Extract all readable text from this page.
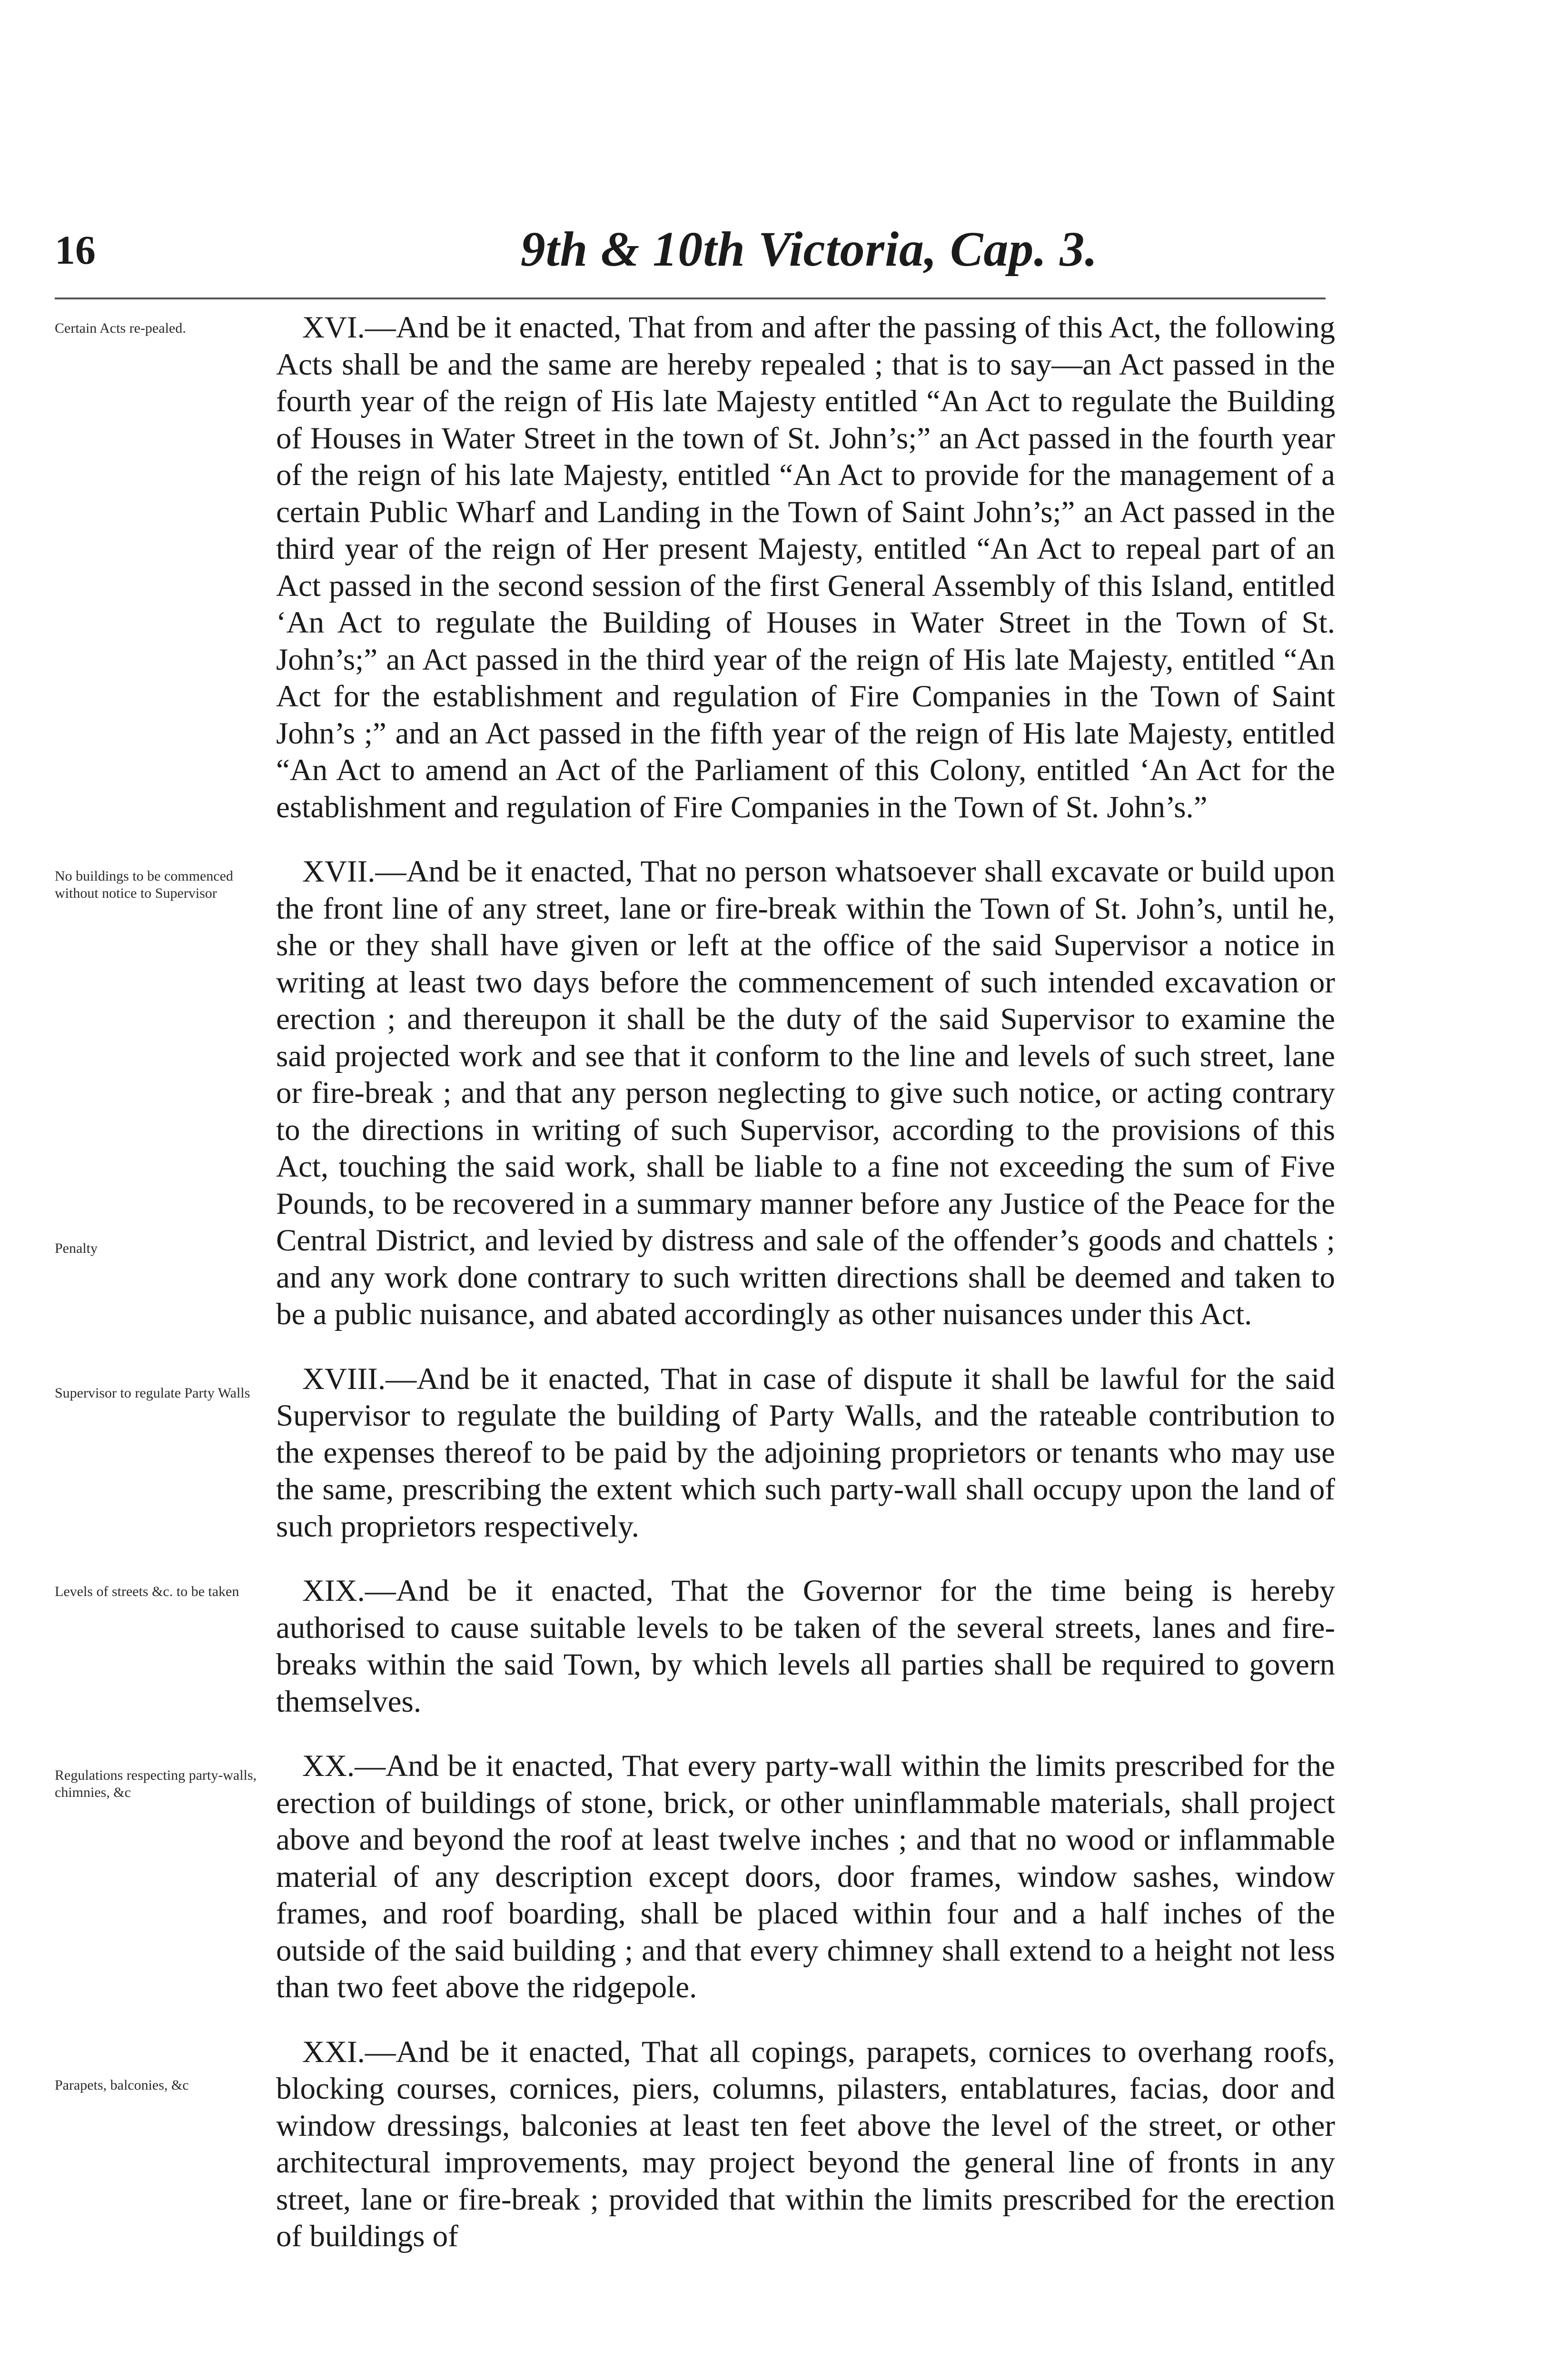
16	9th & 10th Victoria, Cap. 3.
Certain Acts re-pealed.	XVI.—And be it enacted, That from and after the passing of this Act, the following Acts shall be and the same are hereby repealed ; that is to say—an Act passed in the fourth year of the reign of His late Majesty entitled “An Act to regulate the Building of Houses in Water Street in the town of St. John’s;” an Act passed in the fourth year of the reign of his late Majesty, entitled “An Act to provide for the management of a certain Public Wharf and Landing in the Town of Saint John’s;” an Act passed in the third year of the reign of Her present Majesty, entitled “An Act to repeal part of an Act passed in the second session of the first General Assembly of this Island, entitled ‘An Act to regulate the Building of Houses in Water Street in the Town of St. John’s;” an Act passed in the third year of the reign of His late Majesty, entitled “An Act for the establishment and regulation of Fire Companies in the Town of Saint John’s ;” and an Act passed in the fifth year of the reign of His late Majesty, entitled “An Act to amend an Act of the Parliament of this Colony, entitled ‘An Act for the establishment and regulation of Fire Companies in the Town of St. John’s.”
No buildings to be commenced without notice to Supervisor
Penalty
XVII.—And be it enacted, That no person whatsoever shall excavate or build upon the front line of any street, lane or fire-break within the Town of St. John’s, until he, she or they shall have given or left at the office of the said Supervisor a notice in writing at least two days before the commencement of such intended excavation or erection ; and thereupon it shall be the duty of the said Supervisor to examine the said projected work and see that it conform to the line and levels of such street, lane or fire-break ; and that any person neglecting to give such notice, or acting contrary to the directions in writing of such Supervisor, according to the provisions of this Act, touching the said work, shall be liable to a fine not exceeding the sum of Five Pounds, to be recovered in a summary manner before any Justice of the Peace for the Central District, and levied by distress and sale of the offender’s goods and chattels ; and any work done contrary to such written directions shall be deemed and taken to be a public nuisance, and abated accordingly as other nuisances under this Act.
Supervisor to regulate Party Walls	XVIII.—And be it enacted, That in case of dispute it shall be lawful for the said Supervisor to regulate the building of Party Walls, and the rateable contribution to the expenses thereof to be paid by the adjoining proprietors or tenants who may use the same, prescribing the extent which such party-wall shall occupy upon the land of such proprietors respectively.
Levels of streets &c. to be taken	XIX.—And be it enacted, That the Governor for the time being is hereby authorised to cause suitable levels to be taken of the several streets, lanes and fire-breaks within the said Town, by which levels all parties shall be required to govern themselves.
Regulations respecting party-walls, chimnies, &c
XX.—And be it enacted, That every party-wall within the limits prescribed for the erection of buildings of stone, brick, or other uninflammable materials, shall project above and beyond the roof at least twelve inches ; and that no wood or inflammable material of any description except doors, door frames, window sashes, window frames, and roof boarding, shall be placed within four and a half inches of the outside of the said building ; and that every chimney shall extend to a height not less than two feet above the ridgepole.
Parapets, balconies, &c
XXI.—And be it enacted, That all copings, parapets, cornices to overhang roofs, blocking courses, cornices, piers, columns, pilasters, entablatures, facias, door and window dressings, balconies at least ten feet above the level of the street, or other architectural improvements, may project beyond the general line of fronts in any street, lane or fire-break ; provided that within the limits prescribed for the erection of buildings of
